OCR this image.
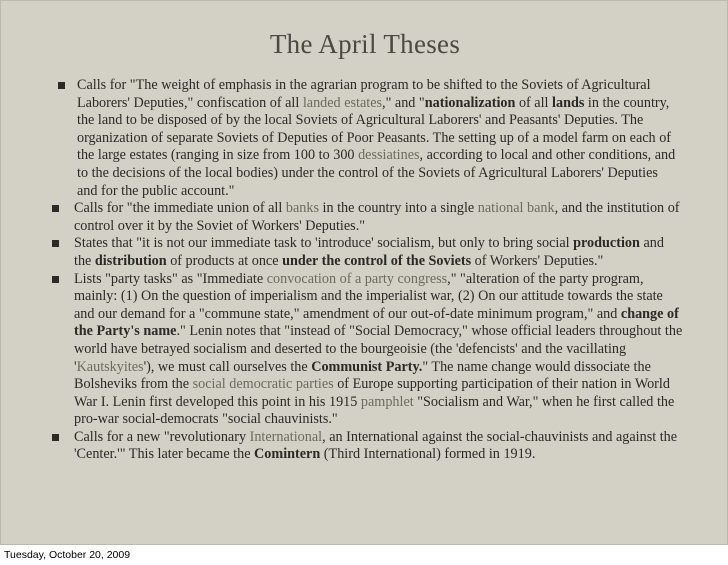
The April Theses
Calls for "The weight of emphasis in the agrarian program to be shifted to the Soviets of Agricultural Laborers' Deputies," confiscation of all landed estates," and "nationalization of all lands in the country, the land to be disposed of by the local Soviets of Agricultural Laborers' and Peasants' Deputies. The organization of separate Soviets of Deputies of Poor Peasants. The setting up of a model farm on each of the large estates (ranging in size from 100 to 300 dessiatines, according to local and other conditions, and to the decisions of the local bodies) under the control of the Soviets of Agricultural Laborers' Deputies and for the public account."
Calls for "the immediate union of all banks in the country into a single national bank, and the institution of control over it by the Soviet of Workers' Deputies."
States that "it is not our immediate task to 'introduce' socialism, but only to bring social production and the distribution of products at once under the control of the Soviets of Workers' Deputies."
Lists "party tasks" as "Immediate convocation of a party congress," "alteration of the party program, mainly: (1) On the question of imperialism and the imperialist war, (2) On our attitude towards the state and our demand for a "commune state," amendment of our out-of-date minimum program," and change of the Party's name." Lenin notes that "instead of "Social Democracy," whose official leaders throughout the world have betrayed socialism and deserted to the bourgeoisie (the 'defencists' and the vacillating 'Kautskyites'), we must call ourselves the Communist Party." The name change would dissociate the Bolsheviks from the social democratic parties of Europe supporting participation of their nation in World War I. Lenin first developed this point in his 1915 pamphlet "Socialism and War," when he first called the pro-war social-democrats "social chauvinists."
Calls for a new "revolutionary International, an International against the social-chauvinists and against the 'Center.'" This later became the Comintern (Third International) formed in 1919.
Tuesday, October 20, 2009
